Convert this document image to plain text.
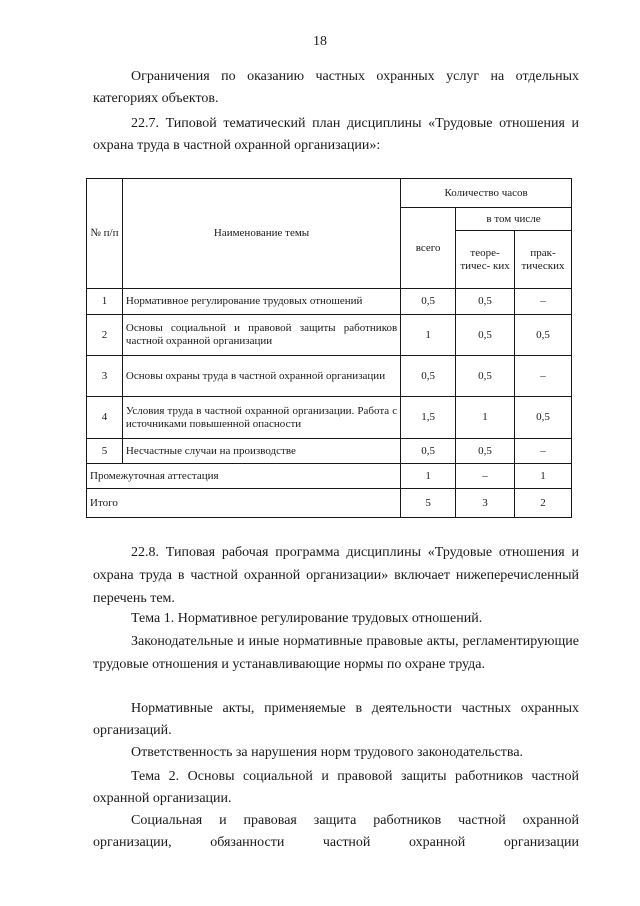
18
Ограничения по оказанию частных охранных услуг на отдельных категориях объектов.
22.7. Типовой тематический план дисциплины «Трудовые отношения и охрана труда в частной охранной организации»:
№ п/п	Наименование темы	Количество часов		
		всего	в том числе	
			теоре- тичес- ких	прак- тических
1	Нормативное регулирование трудовых отношений	0,5	0,5	–
2	Основы социальной и правовой защиты работников частной охранной организации	1	0,5	0,5
3	Основы охраны труда в частной охранной организации	0,5	0,5	–
4	Условия труда в частной охранной организации. Работа с источниками повышенной опасности	1,5	1	0,5
5	Несчастные случаи на производстве	0,5	0,5	–
Промежуточная аттестация		1	–	1
Итого		5	3	2
22.8. Типовая рабочая программа дисциплины «Трудовые отношения и охрана труда в частной охранной организации» включает нижеперечисленный перечень тем.
Тема 1. Нормативное регулирование трудовых отношений.
Законодательные и иные нормативные правовые акты, регламентирующие трудовые отношения и устанавливающие нормы по охране труда.
Нормативные акты, применяемые в деятельности частных охранных организаций.
Ответственность за нарушения норм трудового законодательства.
Тема 2. Основы социальной и правовой защиты работников частной охранной организации.
Социальная и правовая защита работников частной охранной организации, обязанности частной охранной организации
